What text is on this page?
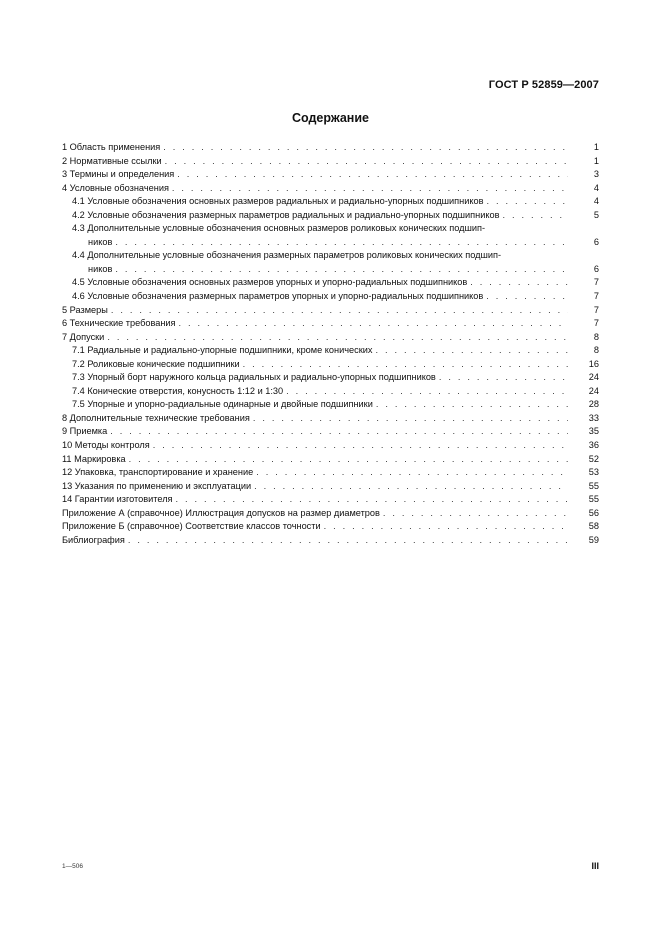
ГОСТ Р 52859—2007
Содержание
1 Область применения . . .	1
2 Нормативные ссылки . . .	1
3 Термины и определения . . .	3
4 Условные обозначения . . .	4
4.1 Условные обозначения основных размеров радиальных и радиально-упорных подшипников . . .	4
4.2 Условные обозначения размерных параметров радиальных и радиально-упорных подшипников . . .	5
4.3 Дополнительные условные обозначения основных размеров роликовых конических подшип-
ников . . .	6
4.4 Дополнительные условные обозначения размерных параметров роликовых конических подшип-
ников . . .	6
4.5 Условные обозначения основных размеров упорных и упорно-радиальных подшипников . . .	7
4.6 Условные обозначения размерных параметров упорных и упорно-радиальных подшипников . . .	7
5 Размеры . . .	7
6 Технические требования . . .	7
7 Допуски . . .	8
7.1 Радиальные и радиально-упорные подшипники, кроме конических . . .	8
7.2 Роликовые конические подшипники . . .	16
7.3 Упорный борт наружного кольца радиальных и радиально-упорных подшипников . . .	24
7.4 Конические отверстия, конусность 1:12 и 1:30 . . .	24
7.5 Упорные и упорно-радиальные одинарные и двойные подшипники . . .	28
8 Дополнительные технические требования . . .	33
9 Приемка . . .	35
10 Методы контроля . . .	36
11 Маркировка . . .	52
12 Упаковка, транспортирование и хранение . . .	53
13 Указания по применению и эксплуатации . . .	55
14 Гарантии изготовителя . . .	55
Приложение А (справочное) Иллюстрация допусков на размер диаметров . . .	56
Приложение Б (справочное) Соответствие классов точности . . .	58
Библиография . . .	59
1—506	III
